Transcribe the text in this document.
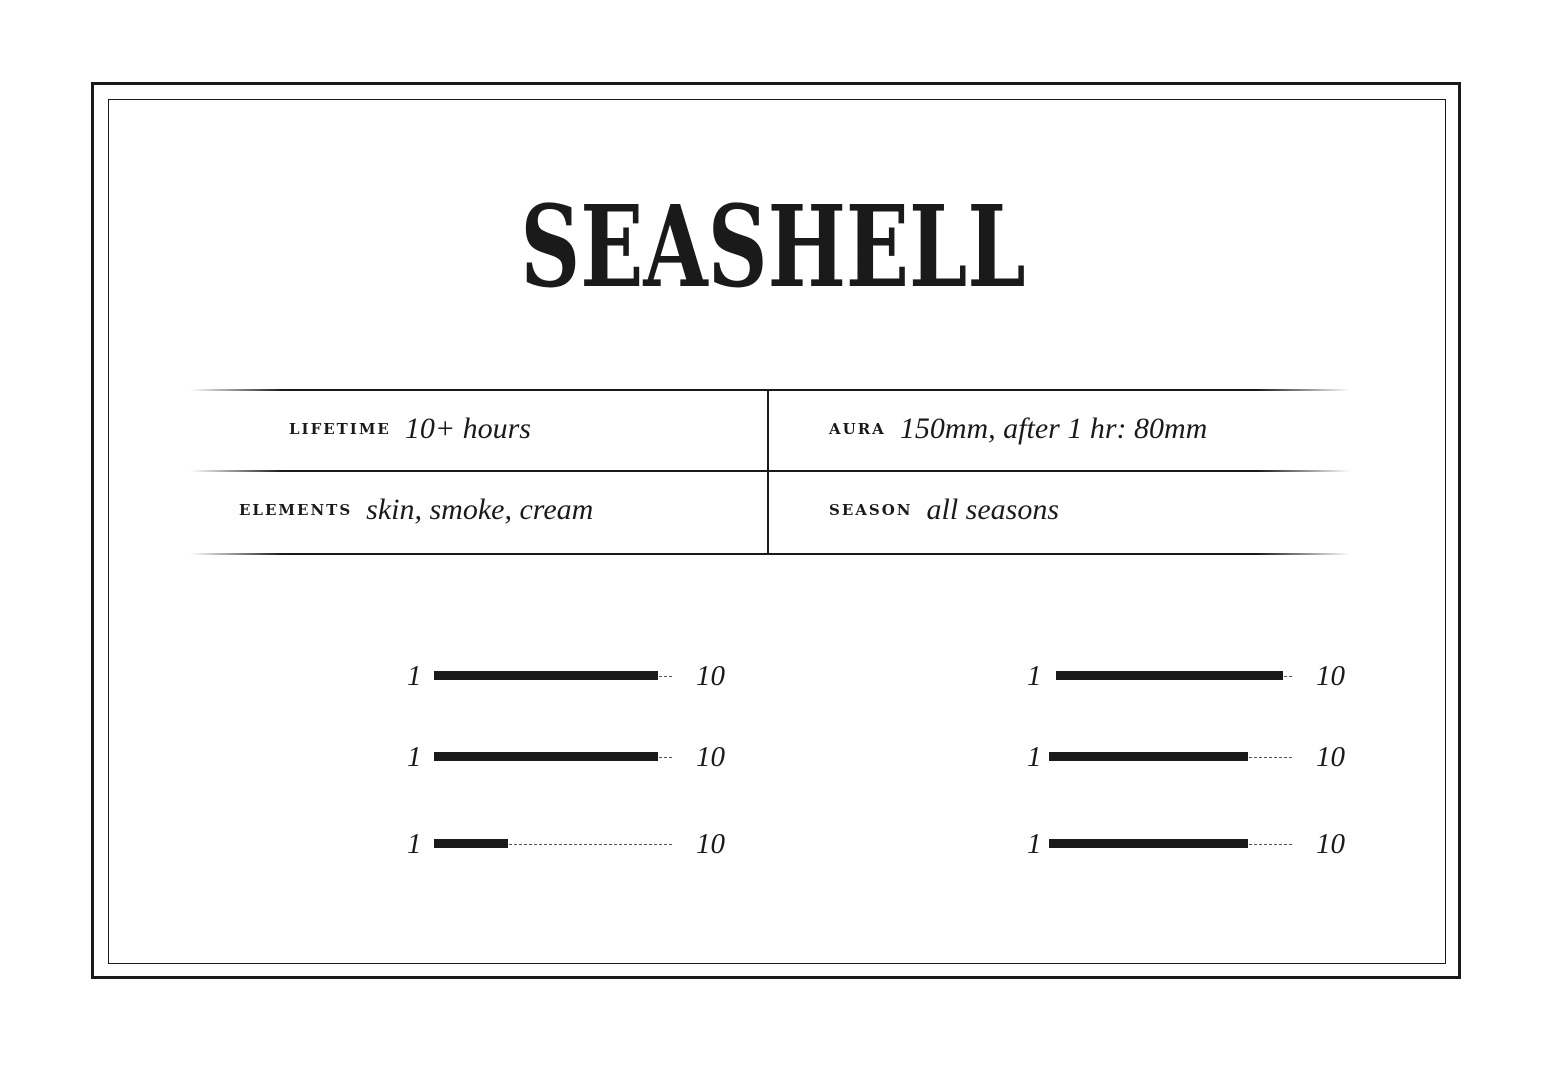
SEASHELL
LIFETIME 10+ hours	AURA 150mm, after 1 hr: 80mm
ELEMENTS skin, smoke, cream	SEASON all seasons
1	10
1	10
1	10
1	10
1	10
1	10
